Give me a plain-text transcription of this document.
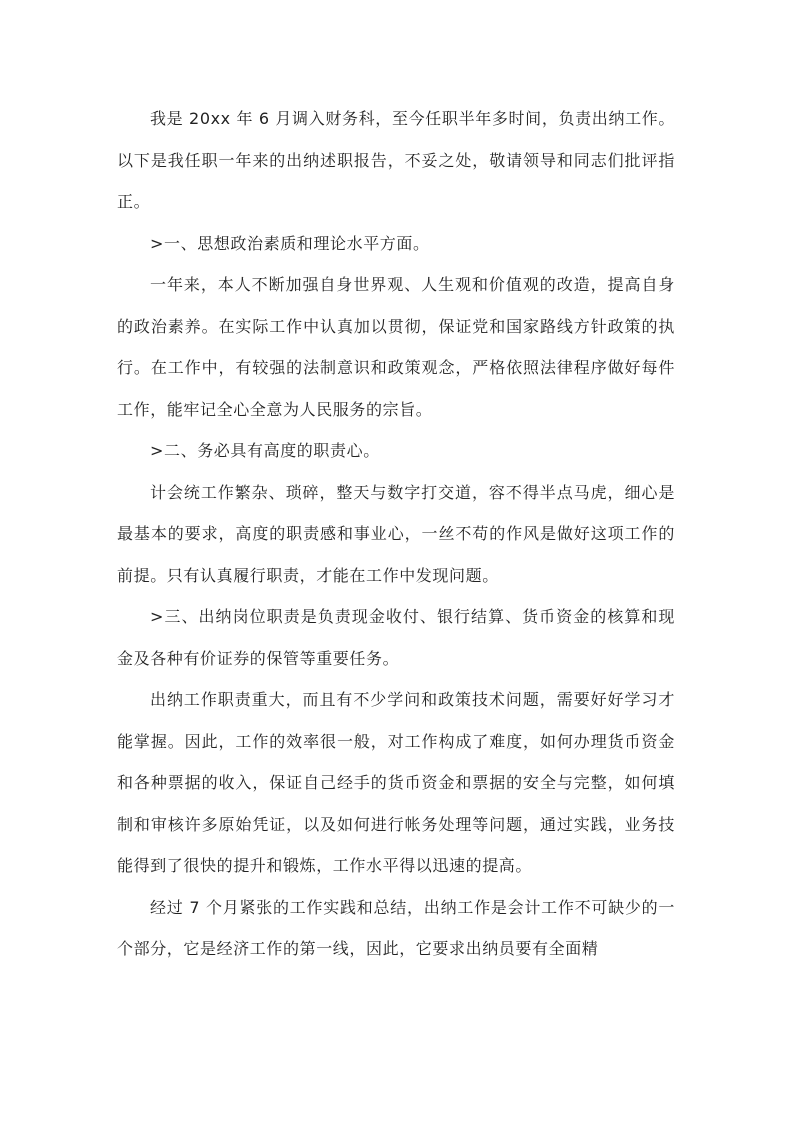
我是 20xx 年 6 月调入财务科，至今任职半年多时间，负责出纳工作。以下是我任职一年来的出纳述职报告，不妥之处，敬请领导和同志们批评指正。

>一、思想政治素质和理论水平方面。

一年来，本人不断加强自身世界观、人生观和价值观的改造，提高自身的政治素养。在实际工作中认真加以贯彻，保证党和国家路线方针政策的执行。在工作中，有较强的法制意识和政策观念，严格依照法律程序做好每件工作，能牢记全心全意为人民服务的宗旨。

>二、务必具有高度的职责心。

计会统工作繁杂、琐碎，整天与数字打交道，容不得半点马虎，细心是最基本的要求，高度的职责感和事业心，一丝不苟的作风是做好这项工作的前提。只有认真履行职责，才能在工作中发现问题。

>三、出纳岗位职责是负责现金收付、银行结算、货币资金的核算和现金及各种有价证券的保管等重要任务。

出纳工作职责重大，而且有不少学问和政策技术问题，需要好好学习才能掌握。因此，工作的效率很一般，对工作构成了难度，如何办理货币资金和各种票据的收入，保证自己经手的货币资金和票据的安全与完整，如何填制和审核许多原始凭证，以及如何进行帐务处理等问题，通过实践，业务技能得到了很快的提升和锻炼，工作水平得以迅速的提高。

经过 7 个月紧张的工作实践和总结，出纳工作是会计工作不可缺少的一个部分，它是经济工作的第一线，因此，它要求出纳员要有全面精
